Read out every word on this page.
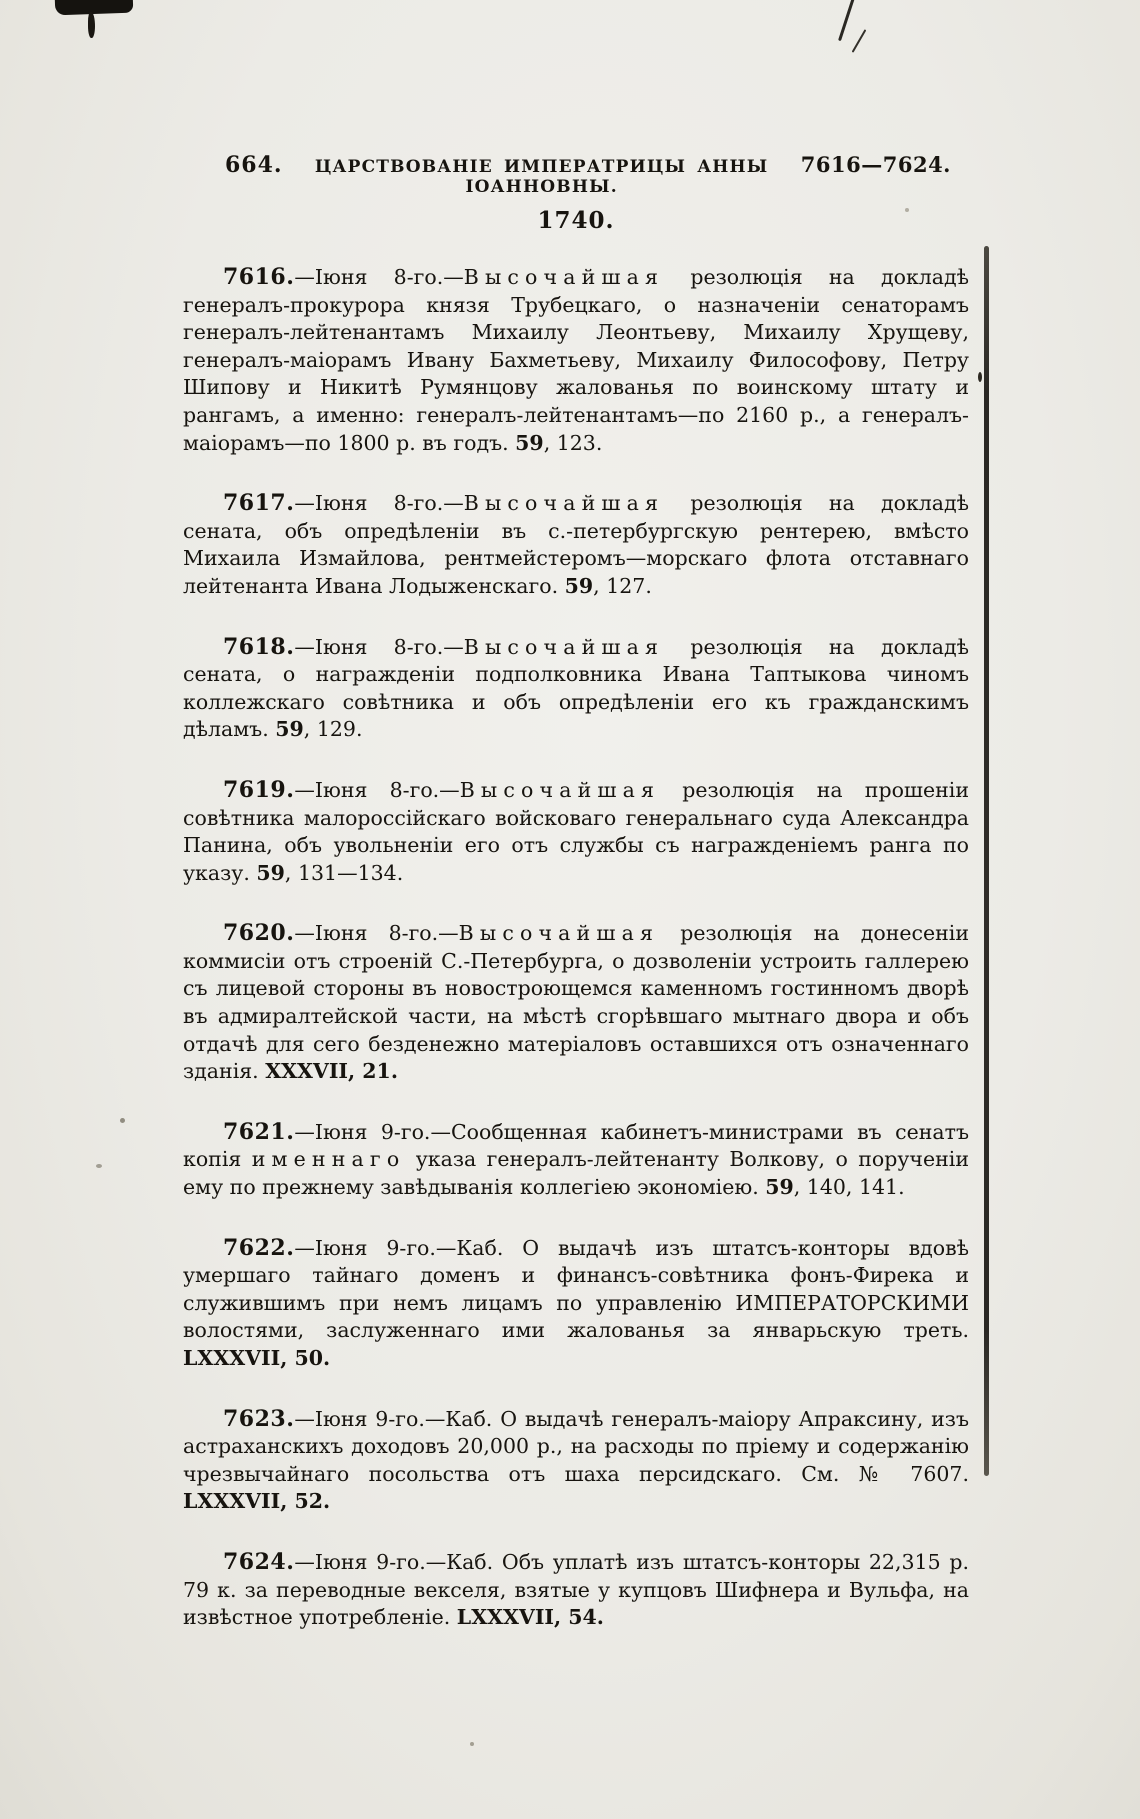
664.	ЦАРСТВОВАНІЕ ИМПЕРАТРИЦЫ АННЫ ІОАННОВНЫ.
7616—7624.
1740.

7616.—Іюня 8-го.—Высочайшая резолюція на докладѣ генералъ-прокурора князя Трубецкаго, о назначеніи сенаторамъ генералъ-лейтенантамъ Михаилу Леонтьеву, Михаилу Хрущеву, генералъ-маіорамъ Ивану Бахметьеву, Михаилу Философову, Петру Шипову и Никитѣ Румянцову жалованья по воинскому штату и рангамъ, а именно: генералъ-лейтенантамъ—по 2160 р., а генералъ-маіорамъ—по 1800 р. въ годъ. 59, 123.

7617.—Іюня 8-го.—Высочайшая резолюція на докладѣ сената, объ опредѣленіи въ с.-петербургскую рентерею, вмѣсто Михаила Измайлова, рентмейстеромъ—морскаго флота отставнаго лейтенанта Ивана Лодыженскаго. 59, 127.

7618.—Іюня 8-го.—Высочайшая резолюція на докладѣ сената, о награжденіи подполковника Ивана Таптыкова чиномъ коллежскаго совѣтника и объ опредѣленіи его къ гражданскимъ дѣламъ. 59, 129.

7619.—Іюня 8-го.—Высочайшая резолюція на прошеніи совѣтника малороссійскаго войсковаго генеральнаго суда Александра Панина, объ увольненіи его отъ службы съ награжденіемъ ранга по указу. 59, 131—134.

7620.—Іюня 8-го.—Высочайшая резолюція на донесеніи коммисіи отъ строеній С.-Петербурга, о дозволеніи устроить галлерею съ лицевой стороны въ новостроющемся каменномъ гостинномъ дворѣ въ адмиралтейской части, на мѣстѣ сгорѣвшаго мытнаго двора и объ отдачѣ для сего безденежно матеріаловъ оставшихся отъ означеннаго зданія. XXXVII, 21.

7621.—Іюня 9-го.—Сообщенная кабинетъ-министрами въ сенатъ копія именнаго указа генералъ-лейтенанту Волкову, о порученіи ему по прежнему завѣдыванія коллегіею экономіею. 59, 140, 141.

7622.—Іюня 9-го.—Каб. О выдачѣ изъ штатсъ-конторы вдовѣ умершаго тайнаго доменъ и финансъ-совѣтника фонъ-Фирека и служившимъ при немъ лицамъ по управленію ИМПЕРАТОРСКИМИ волостями, заслуженнаго ими жалованья за январьскую треть. LXXXVII, 50.

7623.—Іюня 9-го.—Каб. О выдачѣ генералъ-маіору Апраксину, изъ астраханскихъ доходовъ 20,000 р., на расходы по пріему и содержанію чрезвычайнаго посольства отъ шаха персидскаго. См. № 7607. LXXXVII, 52.

7624.—Іюня 9-го.—Каб. Объ уплатѣ изъ штатсъ-конторы 22,315 р. 79 к. за переводные векселя, взятые у купцовъ Шифнера и Вульфа, на извѣстное употребленіе. LXXXVII, 54.
